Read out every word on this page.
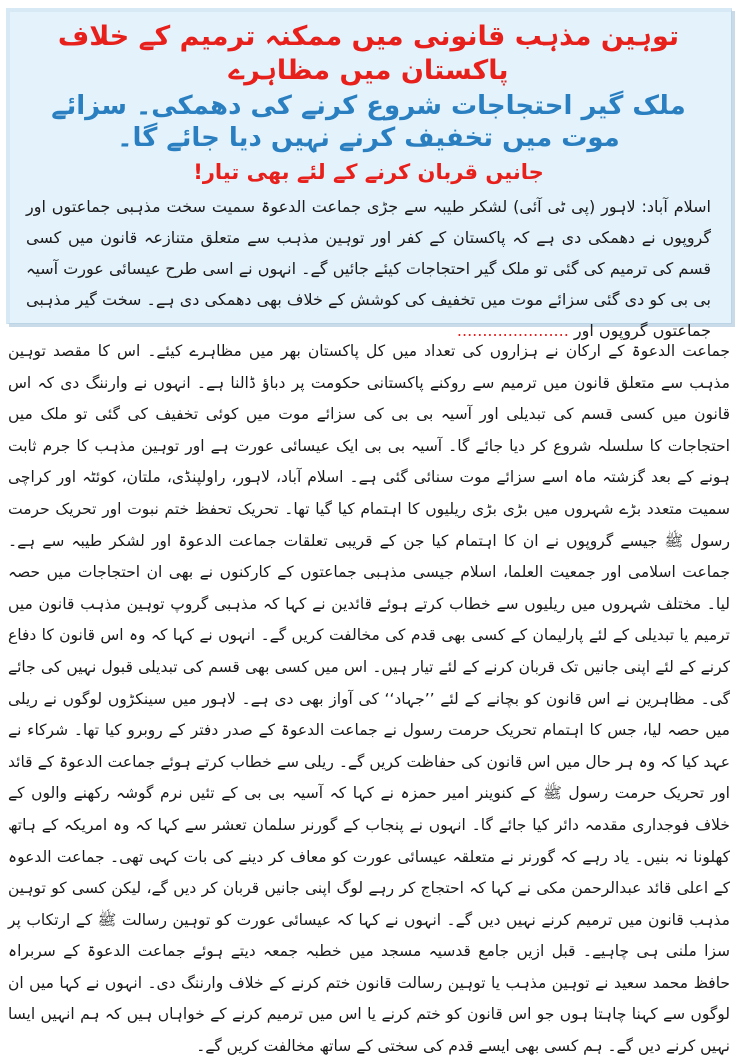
توہین مذہب قانونی میں ممکنہ ترمیم کے خلاف پاکستان میں مظاہرے
ملک گیر احتجاجات شروع کرنے کی دھمکی۔ سزائے موت میں تخفیف کرنے نہیں دیا جائے گا۔
جانیں قربان کرنے کے لئے بھی تیار!

اسلام آباد: لاہور (پی ٹی آئی) لشکر طیبہ سے جڑی جماعت الدعوۃ سمیت سخت مذہبی جماعتوں اور گروپوں نے دھمکی دی ہے کہ پاکستان کے کفر اور توہین مذہب سے متعلق متنازعہ قانون میں کسی قسم کی ترمیم کی گئی تو ملک گیر احتجاجات کیئے جائیں گے۔ انہوں نے اسی طرح عیسائی عورت آسیہ بی بی کو دی گئی سزائے موت میں تخفیف کی کوشش کے خلاف بھی دھمکی دی ہے۔ سخت گیر مذہبی جماعتوں گروپوں اور ......................

جماعت الدعوۃ کے ارکان نے ہزاروں کی تعداد میں کل پاکستان بھر میں مظاہرے کیئے۔ اس کا مقصد توہین مذہب سے متعلق قانون میں ترمیم سے روکنے پاکستانی حکومت پر دباؤ ڈالنا ہے۔ انہوں نے وارننگ دی کہ اس قانون میں کسی قسم کی تبدیلی اور آسیہ بی بی کی سزائے موت میں کوئی تخفیف کی گئی تو ملک میں احتجاجات کا سلسلہ شروع کر دیا جائے گا۔ آسیہ بی بی ایک عیسائی عورت ہے اور توہین مذہب کا جرم ثابت ہونے کے بعد گزشتہ ماہ اسے سزائے موت سنائی گئی ہے۔ اسلام آباد، لاہور، راولپنڈی، ملتان، کوئٹہ اور کراچی سمیت متعدد بڑے شہروں میں بڑی بڑی ریلیوں کا اہتمام کیا گیا تھا۔ تحریک تحفظ ختم نبوت اور تحریک حرمت رسول ﷺ جیسے گروپوں نے ان کا اہتمام کیا جن کے قریبی تعلقات جماعت الدعوۃ اور لشکر طیبہ سے ہے۔ جماعت اسلامی اور جمعیت العلما، اسلام جیسی مذہبی جماعتوں کے کارکنوں نے بھی ان احتجاجات میں حصہ لیا۔ مختلف شہروں میں ریلیوں سے خطاب کرتے ہوئے قائدین نے کہا کہ مذہبی گروپ توہین مذہب قانون میں ترمیم یا تبدیلی کے لئے پارلیمان کے کسی بھی قدم کی مخالفت کریں گے۔ انہوں نے کہا کہ وہ اس قانون کا دفاع کرنے کے لئے اپنی جانیں تک قربان کرنے کے لئے تیار ہیں۔ اس میں کسی بھی قسم کی تبدیلی قبول نہیں کی جائے گی۔ مظاہرین نے اس قانون کو بچانے کے لئے ’’جہاد‘‘ کی آواز بھی دی ہے۔ لاہور میں سینکڑوں لوگوں نے ریلی میں حصہ لیا، جس کا اہتمام تحریک حرمت رسول نے جماعت الدعوۃ کے صدر دفتر کے روبرو کیا تھا۔ شرکاء نے عہد کیا کہ وہ ہر حال میں اس قانون کی حفاظت کریں گے۔ ریلی سے خطاب کرتے ہوئے جماعت الدعوۃ کے قائد اور تحریک حرمت رسول ﷺ کے کنوینر امیر حمزہ نے کہا کہ آسیہ بی بی کے تئیں نرم گوشہ رکھنے والوں کے خلاف فوجداری مقدمہ دائر کیا جائے گا۔ انہوں نے پنجاب کے گورنر سلمان تعشر سے کہا کہ وہ امریکہ کے ہاتھ کھلونا نہ بنیں۔ یاد رہے کہ گورنر نے متعلقہ عیسائی عورت کو معاف کر دینے کی بات کہی تھی۔ جماعت الدعوہ کے اعلی قائد عبدالرحمن مکی نے کہا کہ احتجاج کر رہے لوگ اپنی جانیں قربان کر دیں گے، لیکن کسی کو توہین مذہب قانون میں ترمیم کرنے نہیں دیں گے۔ انہوں نے کہا کہ عیسائی عورت کو توہین رسالت ﷺ کے ارتکاب پر سزا ملنی ہی چاہیے۔ قبل ازیں جامع قدسیہ مسجد میں خطبہ جمعہ دیتے ہوئے جماعت الدعوۃ کے سربراہ حافظ محمد سعید نے توہین مذہب یا توہین رسالت قانون ختم کرنے کے خلاف وارننگ دی۔ انہوں نے کہا میں ان لوگوں سے کہنا چاہتا ہوں جو اس قانون کو ختم کرنے یا اس میں ترمیم کرنے کے خواہاں ہیں کہ ہم انہیں ایسا نہیں کرنے دیں گے۔ ہم کسی بھی ایسے قدم کی سختی کے ساتھ مخالفت کریں گے۔
